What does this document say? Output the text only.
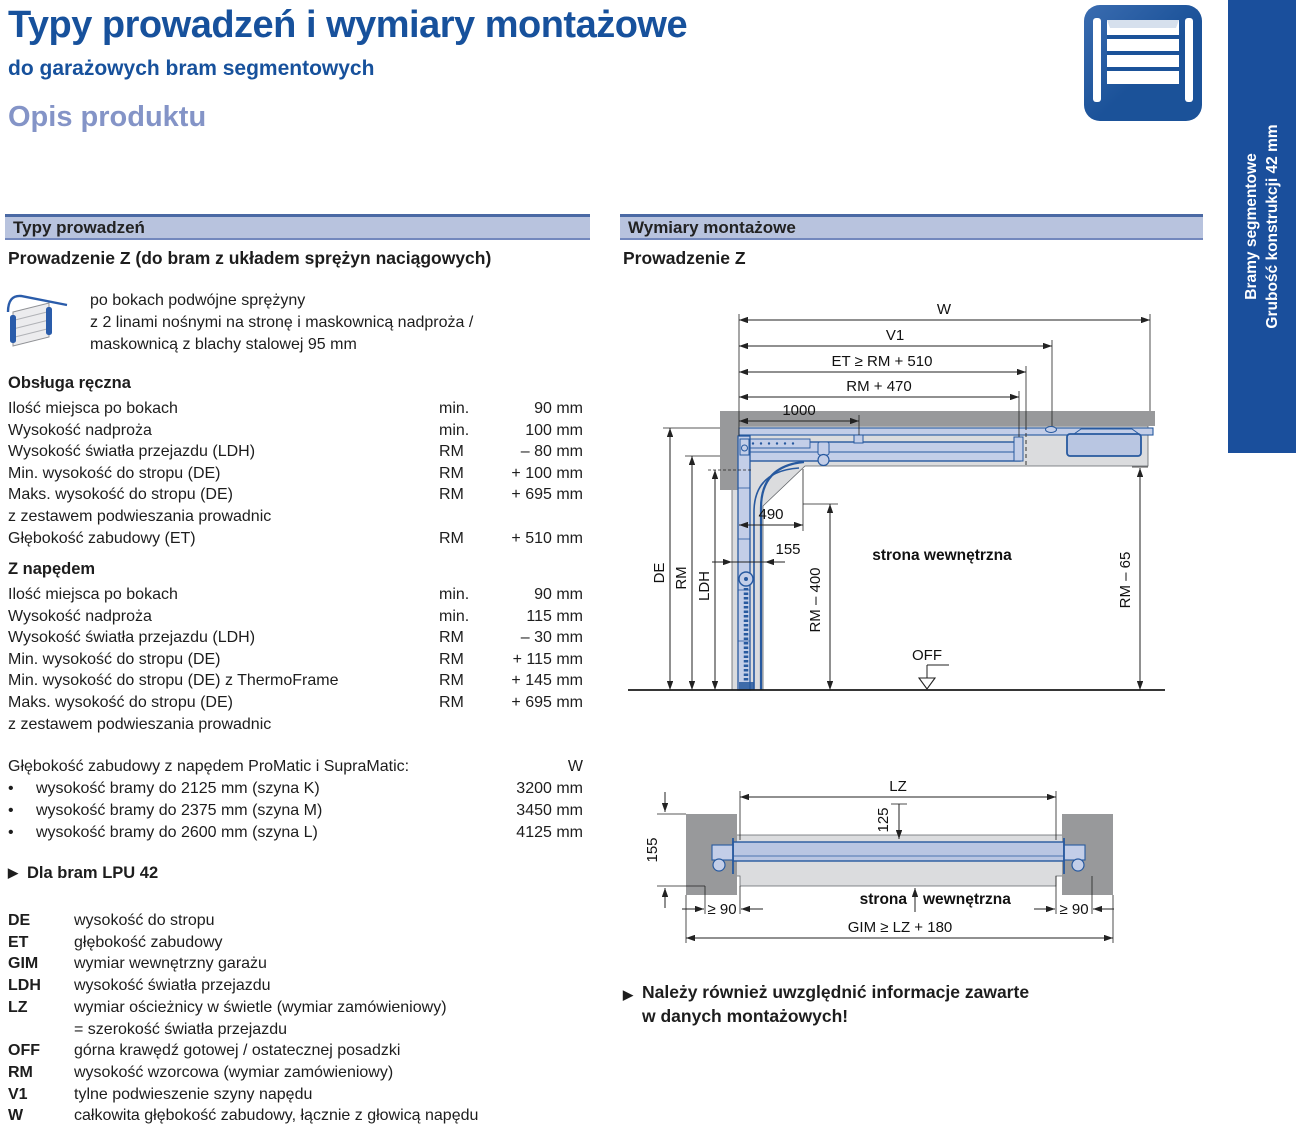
Typy prowadzeń i wymiary montażowe
do garażowych bram segmentowych
Opis produktu
Bramy segmentowe Grubość konstrukcji 42 mm
Typy prowadzeń
Prowadzenie Z (do bram z układem sprężyn naciągowych)
po bokach podwójne sprężyny
z 2 linami nośnymi na stronę i maskownicą nadproża /
maskownicą z blachy stalowej 95 mm
Obsługa ręczna
Ilość miejsca po bokach	min.	90 mm
Wysokość nadproża	min.	100 mm
Wysokość światła przejazdu (LDH)	RM	– 80 mm
Min. wysokość do stropu (DE)	RM	+ 100 mm
Maks. wysokość do stropu (DE)	RM	+ 695 mm
z zestawem podwieszania prowadnic
Głębokość zabudowy (ET)	RM	+ 510 mm
Z napędem
Ilość miejsca po bokach	min.	90 mm
Wysokość nadproża	min.	115 mm
Wysokość światła przejazdu (LDH)	RM	– 30 mm
Min. wysokość do stropu (DE)	RM	+ 115 mm
Min. wysokość do stropu (DE) z ThermoFrame	RM	+ 145 mm
Maks. wysokość do stropu (DE)	RM	+ 695 mm
z zestawem podwieszania prowadnic
Głębokość zabudowy z napędem ProMatic i SupraMatic:	W
•	wysokość bramy do 2125 mm (szyna K)	3200 mm
•	wysokość bramy do 2375 mm (szyna M)	3450 mm
•	wysokość bramy do 2600 mm (szyna L)	4125 mm
▶ Dla bram LPU 42
DE	wysokość do stropu
ET	głębokość zabudowy
GIM	wymiar wewnętrzny garażu
LDH	wysokość światła przejazdu
LZ	wymiar ościeżnicy w świetle (wymiar zamówieniowy)
= szerokość światła przejazdu
OFF	górna krawędź gotowej / ostatecznej posadzki
RM	wysokość wzorcowa (wymiar zamówieniowy)
V1	tylne podwieszenie szyny napędu
W	całkowita głębokość zabudowy, łącznie z głowicą napędu
Wymiary montażowe
Prowadzenie Z
W
V1
ET ≥ RM + 510
RM + 470
1000
490
155
DE RM LDH	RM – 400	RM – 65
strona wewnętrzna
OFF
LZ
125
155
≥ 90	≥ 90
GIM ≥ LZ + 180
strona wewnętrzna
▶ Należy również uwzględnić informacje zawarte
w danych montażowych!
